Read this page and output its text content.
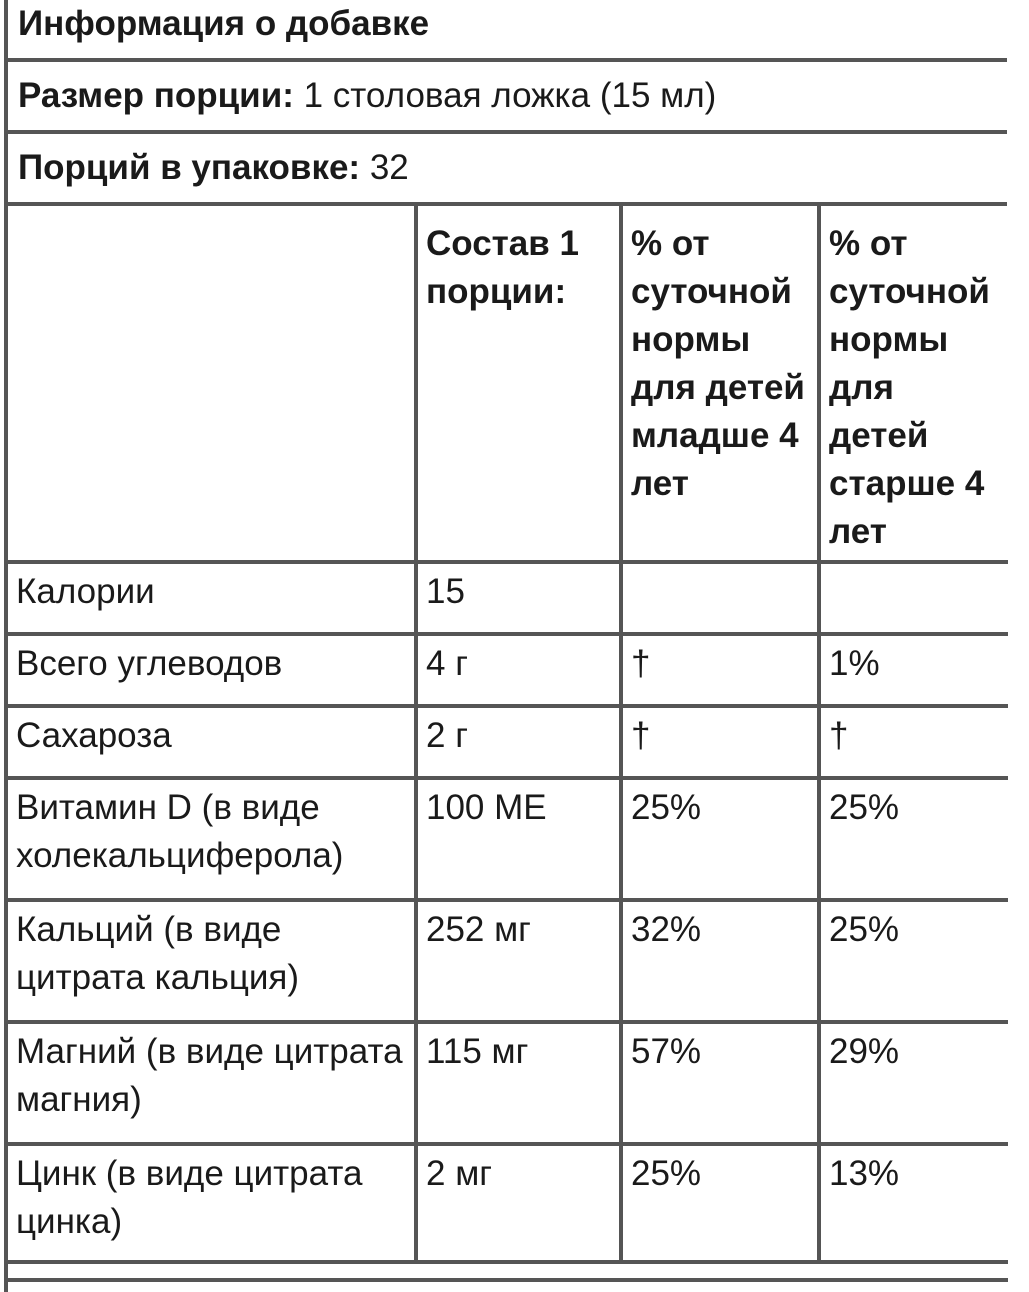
Информация о добавке
Размер порции: 1 столовая ложка (15 мл)
Порций в упаковке: 32
	Состав 1 порции:	% от суточной нормы для детей младше 4 лет	% от суточной нормы для детей старше 4 лет
Калории	15		
Всего углеводов	4 г	†	1%
Сахароза	2 г	†	†
Витамин D (в виде холекальциферола)	100 МЕ	25%	25%
Кальций (в виде цитрата кальция)	252 мг	32%	25%
Магний (в виде цитрата магния)	115 мг	57%	29%
Цинк (в виде цитрата цинка)	2 мг	25%	13%
